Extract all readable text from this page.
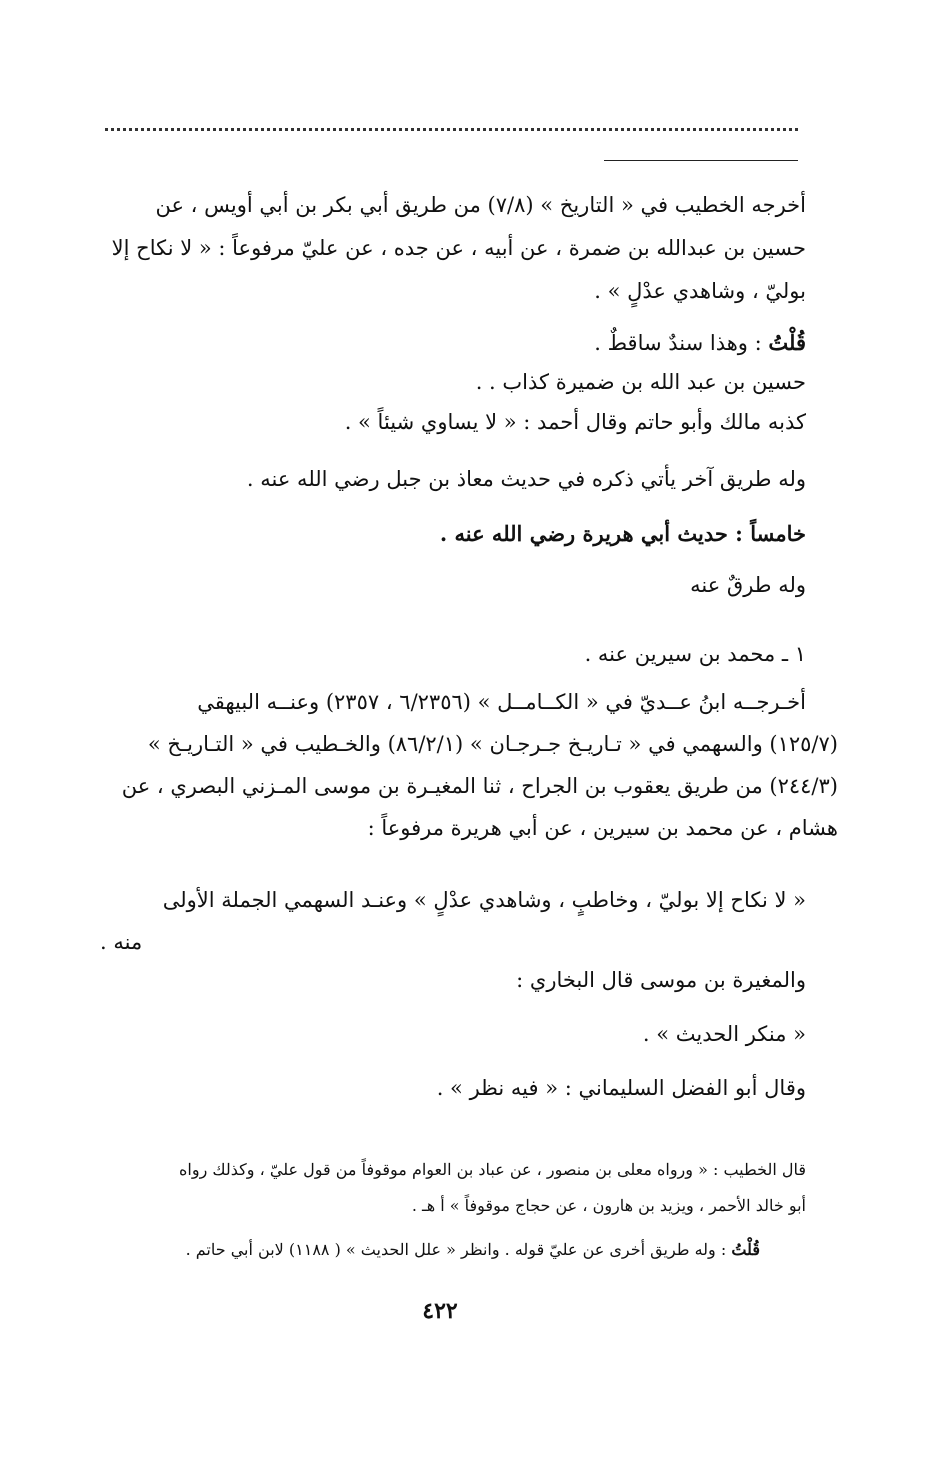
أخرجه الخطيب في « التاريخ » (٧/٨) من طريق أبي بكر بن أبي أويس ، عن
حسين بن عبدالله بن ضمرة ، عن أبيه ، عن جده ، عن عليّ مرفوعاً : « لا نكاح إلا
بوليّ ، وشاهدي عدْلٍ » .
قُلْتُ : وهذا سندٌ ساقطٌ .
حسين بن عبد الله بن ضميرة كذاب . .
كذبه مالك وأبو حاتم وقال أحمد : « لا يساوي شيئاً » .
وله طريق آخر يأتي ذكره في حديث معاذ بن جبل رضي الله عنه .
خامساً : حديث أبي هريرة رضي الله عنه .
وله طرقٌ عنه
١ ـ محمد بن سيرين عنه .
أخـرجــه ابنُ عــديّ في « الكــامــل » (٦/٢٣٥٦ ، ٢٣٥٧) وعنــه البيهقي
(١٢٥/٧) والسهمي في « تـاريـخ جـرجـان » (٨٦/٢/١) والخـطيب في « التـاريـخ »
(٢٤٤/٣) من طريق يعقوب بن الجراح ، ثنا المغيـرة بن موسى المـزني البصري ، عن
هشام ، عن محمد بن سيرين ، عن أبي هريرة مرفوعاً :
« لا نكاح إلا بوليّ ، وخاطبٍ ، وشاهدي عدْلٍ » وعنـد السهمي الجملة الأولى
منه .
والمغيرة بن موسى قال البخاري :
« منكر الحديث » .
وقال أبو الفضل السليماني : « فيه نظر » .
قال الخطيب : « ورواه معلى بن منصور ، عن عباد بن العوام موقوفاً من قول عليّ ، وكذلك رواه
أبو خالد الأحمر ، ويزيد بن هارون ، عن حجاج موقوفاً » أ هـ .
قُلْتُ : وله طريق أخرى عن عليّ قوله . وانظر « علل الحديث » ( ١١٨٨) لابن أبي حاتم .
٤٢٢
